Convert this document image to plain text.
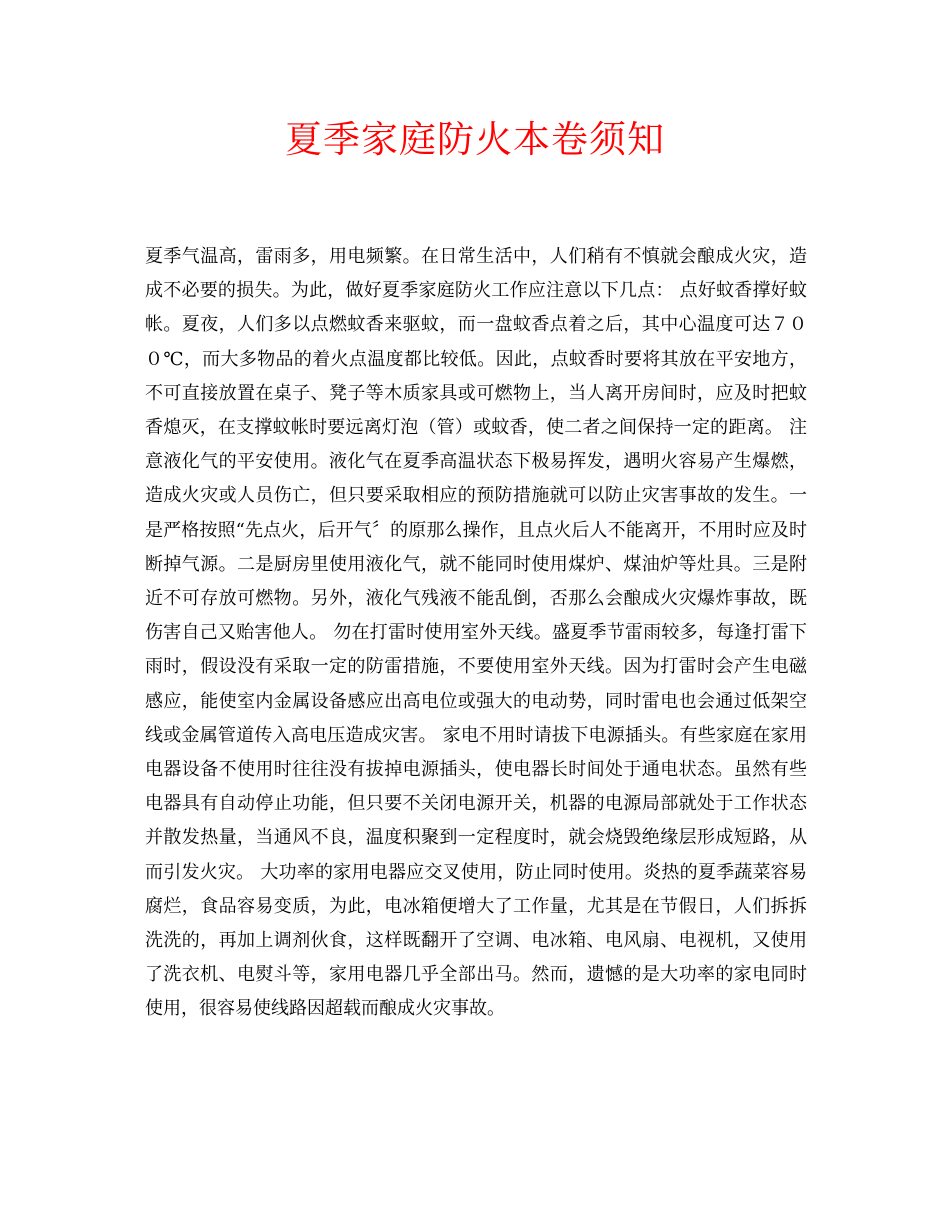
夏季家庭防火本卷须知

夏季气温高，雷雨多，用电频繁。在日常生活中，人们稍有不慎就会酿成火灾，造成不必要的损失。为此，做好夏季家庭防火工作应注意以下几点： 点好蚊香撑好蚊帐。夏夜，人们多以点燃蚊香来驱蚊，而一盘蚊香点着之后，其中心温度可达７００℃，而大多物品的着火点温度都比较低。因此，点蚊香时要将其放在平安地方，不可直接放置在桌子、凳子等木质家具或可燃物上，当人离开房间时，应及时把蚊香熄灭，在支撑蚊帐时要远离灯泡（管）或蚊香，使二者之间保持一定的距离。 注意液化气的平安使用。液化气在夏季高温状态下极易挥发，遇明火容易产生爆燃，造成火灾或人员伤亡，但只要采取相应的预防措施就可以防止灾害事故的发生。一是严格按照“先点火，后开气〞的原那么操作，且点火后人不能离开，不用时应及时断掉气源。二是厨房里使用液化气，就不能同时使用煤炉、煤油炉等灶具。三是附近不可存放可燃物。另外，液化气残液不能乱倒，否那么会酿成火灾爆炸事故，既伤害自己又贻害他人。 勿在打雷时使用室外天线。盛夏季节雷雨较多，每逢打雷下雨时，假设没有采取一定的防雷措施，不要使用室外天线。因为打雷时会产生电磁感应，能使室内金属设备感应出高电位或强大的电动势，同时雷电也会通过低架空线或金属管道传入高电压造成灾害。 家电不用时请拔下电源插头。有些家庭在家用电器设备不使用时往往没有拔掉电源插头，使电器长时间处于通电状态。虽然有些电器具有自动停止功能，但只要不关闭电源开关，机器的电源局部就处于工作状态并散发热量，当通风不良，温度积聚到一定程度时，就会烧毁绝缘层形成短路，从而引发火灾。 大功率的家用电器应交叉使用，防止同时使用。炎热的夏季蔬菜容易腐烂，食品容易变质，为此，电冰箱便增大了工作量，尤其是在节假日，人们拆拆洗洗的，再加上调剂伙食，这样既翻开了空调、电冰箱、电风扇、电视机，又使用了洗衣机、电熨斗等，家用电器几乎全部出马。然而，遗憾的是大功率的家电同时使用，很容易使线路因超载而酿成火灾事故。
